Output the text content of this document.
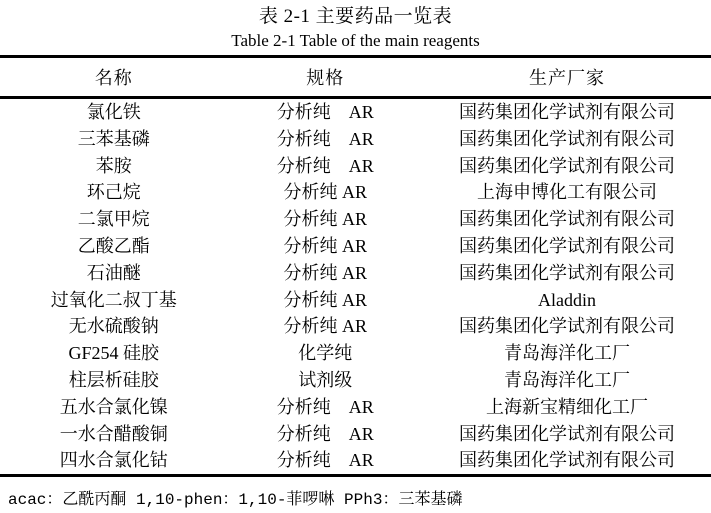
表 2-1 主要药品一览表
Table 2-1 Table of the main reagents
名称	规格	生产厂家
氯化铁	分析纯　AR	国药集团化学试剂有限公司
三苯基磷	分析纯　AR	国药集团化学试剂有限公司
苯胺	分析纯　AR	国药集团化学试剂有限公司
环己烷	分析纯 AR	上海申博化工有限公司
二氯甲烷	分析纯 AR	国药集团化学试剂有限公司
乙酸乙酯	分析纯 AR	国药集团化学试剂有限公司
石油醚	分析纯 AR	国药集团化学试剂有限公司
过氧化二叔丁基	分析纯 AR	Aladdin
无水硫酸钠	分析纯 AR	国药集团化学试剂有限公司
GF254 硅胶	化学纯	青岛海洋化工厂
柱层析硅胶	试剂级	青岛海洋化工厂
五水合氯化镍	分析纯　AR	上海新宝精细化工厂
一水合醋酸铜	分析纯　AR	国药集团化学试剂有限公司
四水合氯化钴	分析纯　AR	国药集团化学试剂有限公司
acac：乙酰丙酮 1,10-phen：1,10-菲啰啉 PPh3：三苯基磷
